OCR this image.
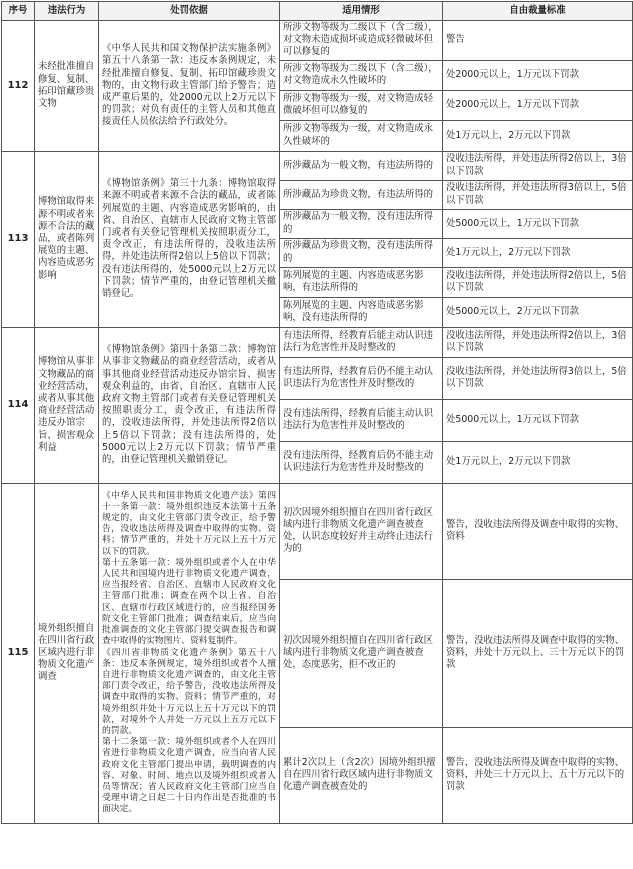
序号	违法行为	处罚依据	适用情形	自由裁量标准
112	未经批准擅自修复、复制、拓印馆藏珍贵文物	《中华人民共和国文物保护法实施条例》第五十八条第一款：违反本条例规定，未经批准擅自修复、复制、拓印馆藏珍贵文物的，由文物行政主管部门给予警告；造成严重后果的，处2000元以上2万元以下的罚款；对负有责任的主管人员和其他直接责任人员依法给予行政处分。	所涉文物等级为二级以下（含二级），对文物未造成损坏或造成轻微破坏但可以修复的	警告
			所涉文物等级为二级以下（含二级），对文物造成永久性破坏的	处2000元以上，1万元以下罚款
			所涉文物等级为一级，对文物造成轻微破坏但可以修复的	处2000元以上，1万元以下罚款
			所涉文物等级为一级，对文物造成永久性破坏的	处1万元以上，2万元以下罚款
113	博物馆取得来源不明或者来源不合法的藏品，或者陈列展览的主题、内容造成恶劣影响	《博物馆条例》第三十九条：博物馆取得来源不明或者来源不合法的藏品，或者陈列展览的主题、内容造成恶劣影响的，由省、自治区、直辖市人民政府文物主管部门或者有关登记管理机关按照职责分工，责令改正，有违法所得的，没收违法所得，并处违法所得2倍以上5倍以下罚款；没有违法所得的，处5000元以上2万元以下罚款；情节严重的，由登记管理机关撤销登记。	所涉藏品为一般文物，有违法所得的	没收违法所得，并处违法所得2倍以上，3倍以下罚款
			所涉藏品为珍贵文物，有违法所得的	没收违法所得，并处违法所得3倍以上，5倍以下罚款
			所涉藏品为一般文物，没有违法所得的	处5000元以上，1万元以下罚款
			所涉藏品为珍贵文物，没有违法所得的	处1万元以上，2万元以下罚款
			陈列展览的主题、内容造成恶劣影响，有违法所得的	没收违法所得，并处违法所得2倍以上，5倍以下罚款
			陈列展览的主题、内容造成恶劣影响，没有违法所得的	处5000元以上，2万元以下罚款
114	博物馆从事非文物藏品的商业经营活动，或者从事其他商业经营活动违反办馆宗旨、损害观众利益	《博物馆条例》第四十条第二款：博物馆从事非文物藏品的商业经营活动，或者从事其他商业经营活动违反办馆宗旨、损害观众利益的，由省、自治区、直辖市人民政府文物主管部门或者有关登记管理机关按照职责分工，责令改正，有违法所得的，没收违法所得，并处违法所得2倍以上5倍以下罚款；没有违法所得的，处5000元以上2万元以下罚款；情节严重的，由登记管理机关撤销登记。	有违法所得，经教育后能主动认识违法行为危害性并及时整改的	没收违法所得，并处违法所得2倍以上，3倍以下罚款
			有违法所得，经教育后仍不能主动认识违法行为危害性并及时整改的	没收违法所得，并处违法所得3倍以上，5倍以下罚款
			没有违法所得，经教育后能主动认识违法行为危害性并及时整改的	处5000元以上，1万元以下罚款
			没有违法所得，经教育后仍不能主动认识违法行为危害性并及时整改的	处1万元以上，2万元以下罚款
115	境外组织擅自在四川省行政区域内进行非物质文化遗产调查	《中华人民共和国非物质文化遗产法》第四十一条第一款：境外组织违反本法第十五条规定的，由文化主管部门责令改正，给予警告，没收违法所得及调查中取得的实物、资料；情节严重的，并处十万元以上五十万元以下的罚款。
第十五条第一款：境外组织或者个人在中华人民共和国境内进行非物质文化遗产调查，应当报经省、自治区、直辖市人民政府文化主管部门批准；调查在两个以上省、自治区、直辖市行政区域进行的，应当报经国务院文化主管部门批准；调查结束后，应当向批准调查的文化主管部门提交调查报告和调查中取得的实物图片、资料复制件。
《四川省非物质文化遗产条例》第五十八条：违反本条例规定，境外组织或者个人擅自进行非物质文化遗产调查的，由文化主管部门责令改正，给予警告，没收违法所得及调查中取得的实物、资料；情节严重的，对境外组织并处十万元以上五十万元以下的罚款，对境外个人并处一万元以上五万元以下的罚款。
第十二条第一款：境外组织或者个人在四川省进行非物质文化遗产调查，应当向省人民政府文化主管部门提出申请，载明调查的内容、对象、时间、地点以及境外组织或者人员等情况；省人民政府文化主管部门应当自受理申请之日起二十日内作出是否批准的书面决定。	初次因境外组织擅自在四川省行政区域内进行非物质文化遗产调查被查处，认识态度较好并主动终止违法行为的	警告，没收违法所得及调查中取得的实物、资料
			初次因境外组织擅自在四川省行政区域内进行非物质文化遗产调查被查处，态度恶劣，拒不改正的	警告，没收违法所得及调查中取得的实物、资料，并处十万元以上、三十万元以下的罚款
			累计2次以上（含2次）因境外组织擅自在四川省行政区域内进行非物质文化遗产调查被查处的	警告，没收违法所得及调查中取得的实物、资料，并处三十万元以上、五十万元以下的罚款
